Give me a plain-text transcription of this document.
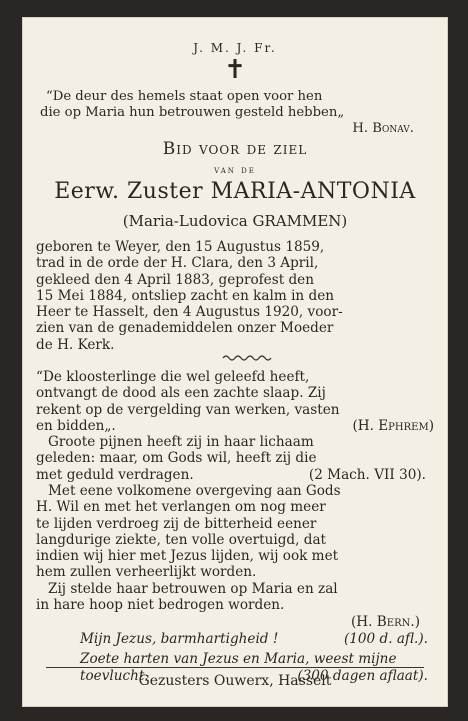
J. M. J. Fr.
✝
“De deur des hemels staat open voor hen
die op Maria hun betrouwen gesteld hebben„
H. Bonav.
Bid voor de ziel
van de
Eerw. Zuster MARIA-ANTONIA
(Maria-Ludovica GRAMMEN)
geboren te Weyer, den 15 Augustus 1859,
trad in de orde der H. Clara, den 3 April,
gekleed den 4 April 1883, geprofest den
15 Mei 1884, ontsliep zacht en kalm in den
Heer te Hasselt, den 4 Augustus 1920, voor-
zien van de genademiddelen onzer Moeder
de H. Kerk.
“De kloosterlinge die wel geleefd heeft,
ontvangt de dood als een zachte slaap. Zij
rekent op de vergelding van werken, vasten
en bidden„.	(H. Ephrem)
Groote pijnen heeft zij in haar lichaam
geleden: maar, om Gods wil, heeft zij die
met geduld verdragen.	(2 Mach. VII 30).
Met eene volkomene overgeving aan Gods
H. Wil en met het verlangen om nog meer
te lijden verdroeg zij de bitterheid eener
langdurige ziekte, ten volle overtuigd, dat
indien wij hier met Jezus lijden, wij ook met
hem zullen verheerlijkt worden.
Zij stelde haar betrouwen op Maria en zal
in hare hoop niet bedrogen worden.
(H. Bern.)
Mijn Jezus, barmhartigheid !	(100 d. afl.).
Zoete harten van Jezus en Maria, weest mijne
toevlucht.	(300 dagen aflaat).
Gezusters Ouwerx, Hasselt
